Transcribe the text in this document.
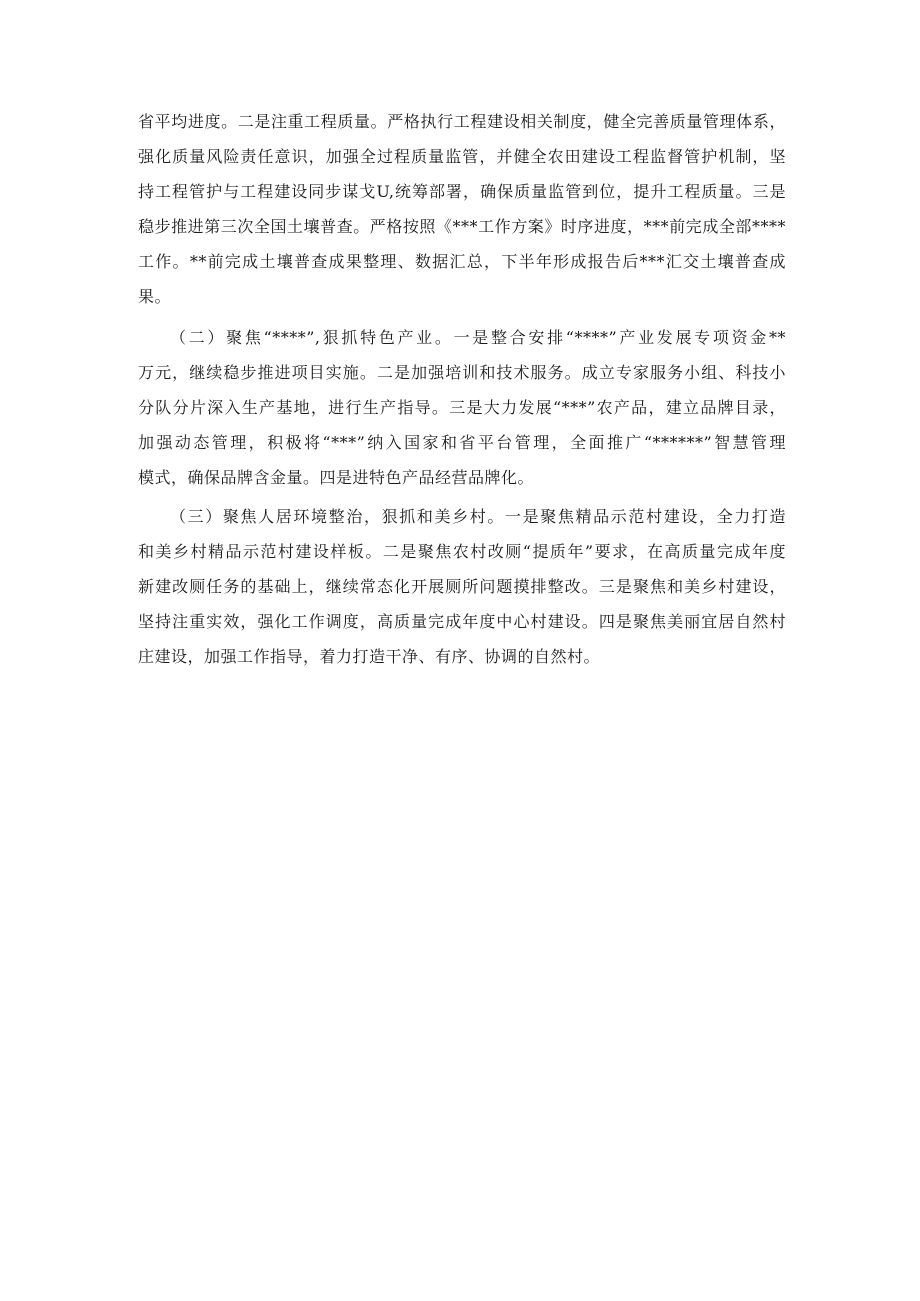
省平均进度。二是注重工程质量。严格执行工程建设相关制度，健全完善质量管理体系，
强化质量风险责任意识，加强全过程质量监管，并健全农田建设工程监督管护机制，坚
持工程管护与工程建设同步谋戈U,统筹部署，确保质量监管到位，提升工程质量。三是
稳步推进第三次全国土壤普查。严格按照《***工作方案》时序进度，***前完成全部****
工作。**前完成土壤普查成果整理、数据汇总，下半年形成报告后***汇交土壤普查成
果。
（二）聚焦“****”,狠抓特色产业。一是整合安排“****”产业发展专项资金**
万元，继续稳步推进项目实施。二是加强培训和技术服务。成立专家服务小组、科技小
分队分片深入生产基地，进行生产指导。三是大力发展“***”农产品，建立品牌目录，
加强动态管理，积极将“***”纳入国家和省平台管理，全面推广“******”智慧管理
模式，确保品牌含金量。四是进特色产品经营品牌化。
（三）聚焦人居环境整治，狠抓和美乡村。一是聚焦精品示范村建设，全力打造
和美乡村精品示范村建设样板。二是聚焦农村改厕“提质年”要求，在高质量完成年度
新建改厕任务的基础上，继续常态化开展厕所问题摸排整改。三是聚焦和美乡村建设，
坚持注重实效，强化工作调度，高质量完成年度中心村建设。四是聚焦美丽宜居自然村
庄建设，加强工作指导，着力打造干净、有序、协调的自然村。
